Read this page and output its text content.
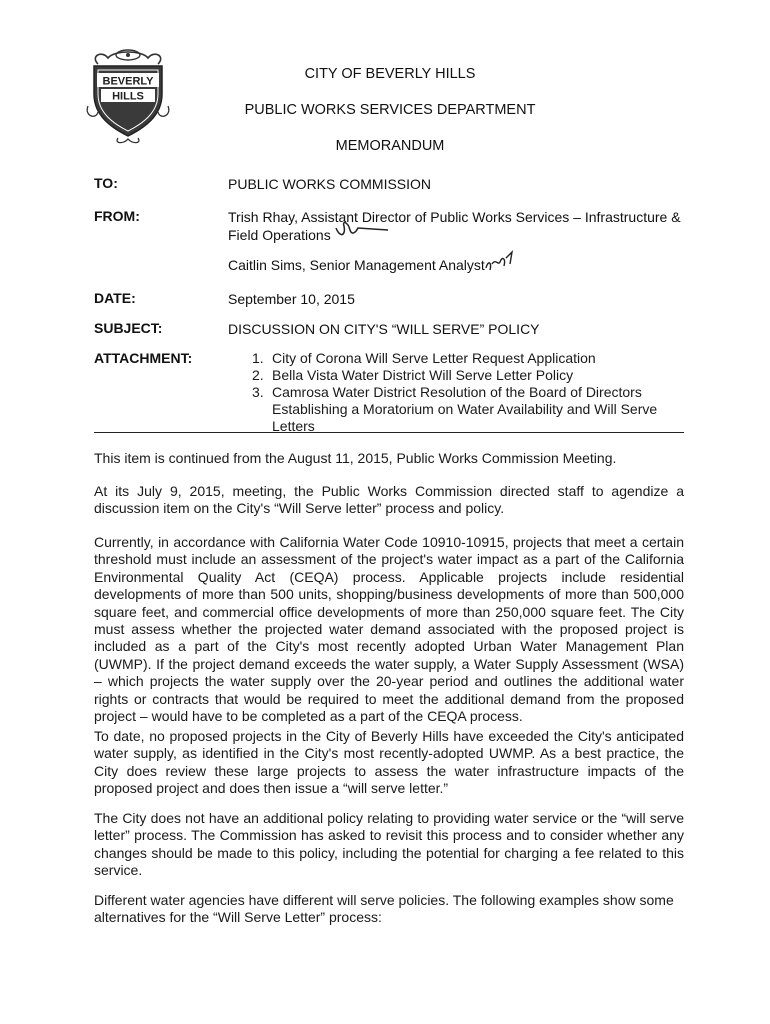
BEVERLY
HILLS
CITY OF BEVERLY HILLS
PUBLIC WORKS SERVICES DEPARTMENT
MEMORANDUM
TO:	PUBLIC WORKS COMMISSION
FROM:	Trish Rhay, Assistant Director of Public Works Services – Infrastructure &
Field Operations
Caitlin Sims, Senior Management Analyst
DATE:	September 10, 2015
SUBJECT:	DISCUSSION ON CITY'S “WILL SERVE” POLICY
ATTACHMENT:	1. City of Corona Will Serve Letter Request Application
2. Bella Vista Water District Will Serve Letter Policy
3. Camrosa Water District Resolution of the Board of Directors Establishing a Moratorium on Water Availability and Will Serve Letters

This item is continued from the August 11, 2015, Public Works Commission Meeting.

At its July 9, 2015, meeting, the Public Works Commission directed staff to agendize a discussion item on the City's “Will Serve letter” process and policy.

Currently, in accordance with California Water Code 10910-10915, projects that meet a certain threshold must include an assessment of the project's water impact as a part of the California Environmental Quality Act (CEQA) process. Applicable projects include residential developments of more than 500 units, shopping/business developments of more than 500,000 square feet, and commercial office developments of more than 250,000 square feet. The City must assess whether the projected water demand associated with the proposed project is included as a part of the City's most recently adopted Urban Water Management Plan (UWMP). If the project demand exceeds the water supply, a Water Supply Assessment (WSA) – which projects the water supply over the 20-year period and outlines the additional water rights or contracts that would be required to meet the additional demand from the proposed project – would have to be completed as a part of the CEQA process.

To date, no proposed projects in the City of Beverly Hills have exceeded the City's anticipated water supply, as identified in the City's most recently-adopted UWMP. As a best practice, the City does review these large projects to assess the water infrastructure impacts of the proposed project and does then issue a “will serve letter.”

The City does not have an additional policy relating to providing water service or the “will serve letter” process. The Commission has asked to revisit this process and to consider whether any changes should be made to this policy, including the potential for charging a fee related to this service.

Different water agencies have different will serve policies. The following examples show some alternatives for the “Will Serve Letter” process:
